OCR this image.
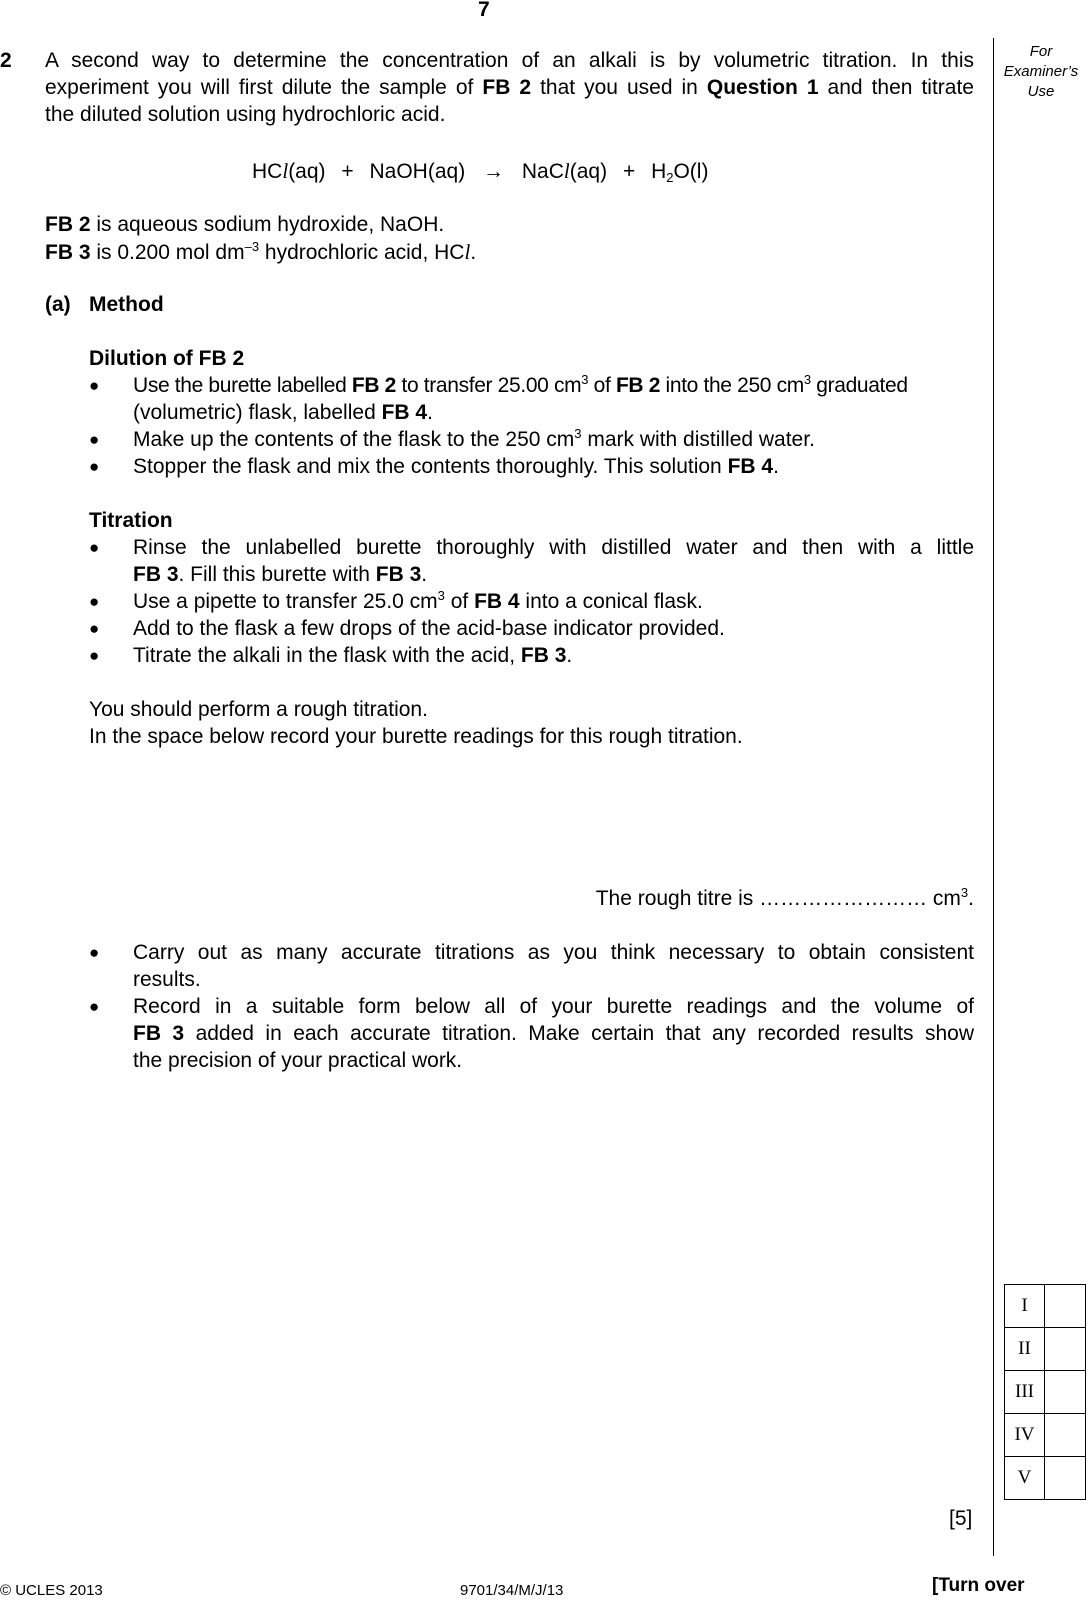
7
For
Examiner’s
Use
2 A second way to determine the concentration of an alkali is by volumetric titration. In this
experiment you will first dilute the sample of FB 2 that you used in Question 1 and then titrate
the diluted solution using hydrochloric acid.
HCl(aq) + NaOH(aq) → NaCl(aq) + $H_2O(l)$
FB 2 is aqueous sodium hydroxide, NaOH.
FB 3 is 0.200 mol $dm^{-3}$ hydrochloric acid, HCl.
(a) Method
Dilution of FB 2
● Use the burette labelled FB 2 to transfer 25.00 $cm^3$ of FB 2 into the 250 $cm^3$ graduated
(volumetric) flask, labelled FB 4.
● Make up the contents of the flask to the 250 $cm^3$ mark with distilled water.
● Stopper the flask and mix the contents thoroughly. This solution FB 4.
Titration
● Rinse the unlabelled burette thoroughly with distilled water and then with a little
FB 3. Fill this burette with FB 3.
● Use a pipette to transfer 25.0 $cm^3$ of FB 4 into a conical flask.
● Add to the flask a few drops of the acid-base indicator provided.
● Titrate the alkali in the flask with the acid, FB 3.
You should perform a rough titration.
In the space below record your burette readings for this rough titration.
The rough titre is …………………… $cm^3$.
● Carry out as many accurate titrations as you think necessary to obtain consistent
results.
● Record in a suitable form below all of your burette readings and the volume of
FB 3 added in each accurate titration. Make certain that any recorded results show
the precision of your practical work.
I	
II	
III	
IV	
V	
[5]
© UCLES 2013	9701/34/M/J/13	[Turn over
